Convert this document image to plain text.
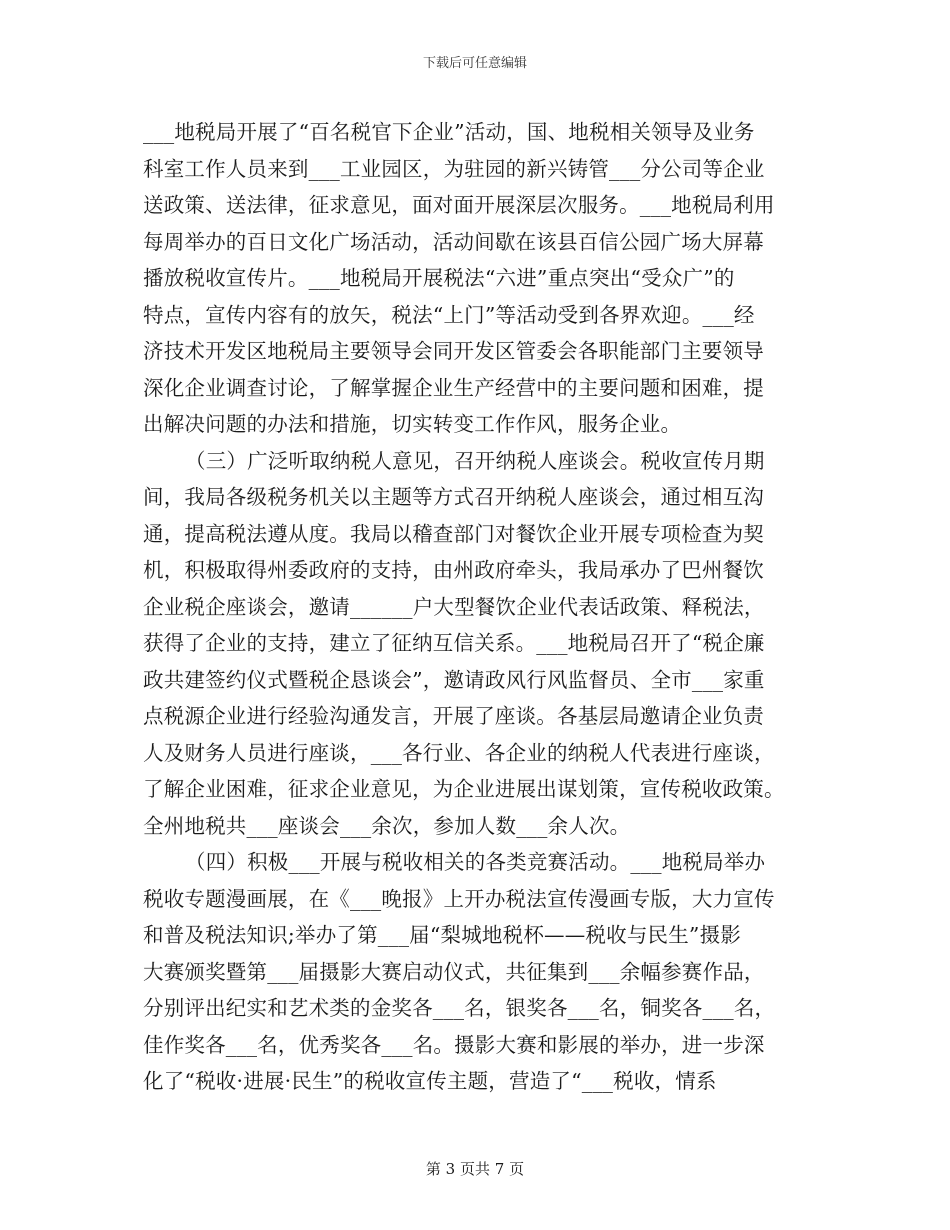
下载后可任意编辑
___地税局开展了“百名税官下企业”活动，国、地税相关领导及业务
科室工作人员来到___工业园区，为驻园的新兴铸管___分公司等企业
送政策、送法律，征求意见，面对面开展深层次服务。___地税局利用
每周举办的百日文化广场活动，活动间歇在该县百信公园广场大屏幕
播放税收宣传片。___地税局开展税法“六进”重点突出“受众广”的
特点，宣传内容有的放矢，税法“上门”等活动受到各界欢迎。___经
济技术开发区地税局主要领导会同开发区管委会各职能部门主要领导
深化企业调查讨论，了解掌握企业生产经营中的主要问题和困难，提
出解决问题的办法和措施，切实转变工作作风，服务企业。
（三）广泛听取纳税人意见，召开纳税人座谈会。税收宣传月期
间，我局各级税务机关以主题等方式召开纳税人座谈会，通过相互沟
通，提高税法遵从度。我局以稽查部门对餐饮企业开展专项检查为契
机，积极取得州委政府的支持，由州政府牵头，我局承办了巴州餐饮
企业税企座谈会，邀请______户大型餐饮企业代表话政策、释税法，
获得了企业的支持，建立了征纳互信关系。___地税局召开了“税企廉
政共建签约仪式暨税企恳谈会”，邀请政风行风监督员、全市___家重
点税源企业进行经验沟通发言，开展了座谈。各基层局邀请企业负责
人及财务人员进行座谈，___各行业、各企业的纳税人代表进行座谈，
了解企业困难，征求企业意见，为企业进展出谋划策，宣传税收政策。
全州地税共___座谈会___余次，参加人数___余人次。
（四）积极___开展与税收相关的各类竞赛活动。___地税局举办
税收专题漫画展，在《___晚报》上开办税法宣传漫画专版，大力宣传
和普及税法知识;举办了第___届“梨城地税杯——税收与民生”摄影
大赛颁奖暨第___届摄影大赛启动仪式，共征集到___余幅参赛作品，
分别评出纪实和艺术类的金奖各___名，银奖各___名，铜奖各___名，
佳作奖各___名，优秀奖各___名。摄影大赛和影展的举办，进一步深
化了“税收·进展·民生”的税收宣传主题，营造了“___税收，情系
第 3 页共 7 页
